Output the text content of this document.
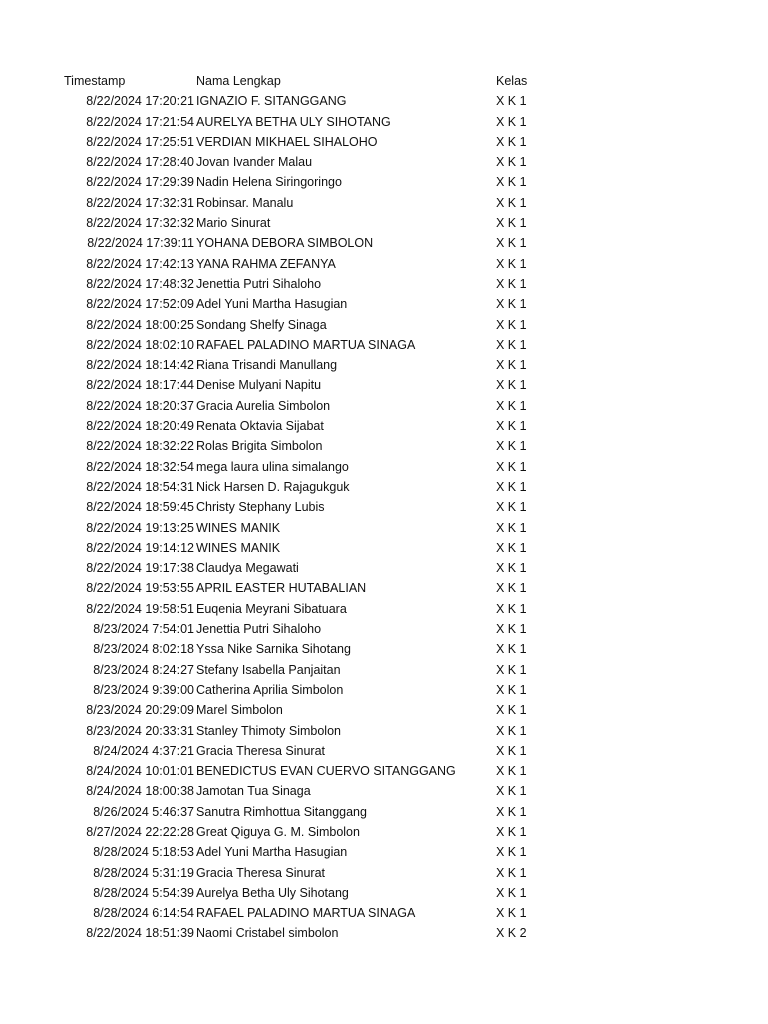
Timestamp	Nama Lengkap	Kelas
8/22/2024 17:20:21 IGNAZIO F. SITANGGANG	X K 1
8/22/2024 17:21:54 AURELYA BETHA ULY SIHOTANG	X K 1
8/22/2024 17:25:51 VERDIAN MIKHAEL SIHALOHO	X K 1
8/22/2024 17:28:40 Jovan Ivander Malau	X K 1
8/22/2024 17:29:39 Nadin Helena Siringoringo	X K 1
8/22/2024 17:32:31 Robinsar. Manalu	X K 1
8/22/2024 17:32:32 Mario Sinurat	X K 1
8/22/2024 17:39:11 YOHANA DEBORA SIMBOLON	X K 1
8/22/2024 17:42:13 YANA RAHMA ZEFANYA	X K 1
8/22/2024 17:48:32 Jenettia Putri Sihaloho	X K 1
8/22/2024 17:52:09 Adel Yuni Martha Hasugian	X K 1
8/22/2024 18:00:25 Sondang Shelfy Sinaga	X K 1
8/22/2024 18:02:10 RAFAEL PALADINO MARTUA SINAGA	X K 1
8/22/2024 18:14:42 Riana Trisandi Manullang	X K 1
8/22/2024 18:17:44 Denise Mulyani Napitu	X K 1
8/22/2024 18:20:37 Gracia Aurelia Simbolon	X K 1
8/22/2024 18:20:49 Renata Oktavia Sijabat	X K 1
8/22/2024 18:32:22 Rolas Brigita Simbolon	X K 1
8/22/2024 18:32:54 mega laura ulina simalango	X K 1
8/22/2024 18:54:31 Nick Harsen D. Rajagukguk	X K 1
8/22/2024 18:59:45 Christy Stephany Lubis	X K 1
8/22/2024 19:13:25 WINES MANIK	X K 1
8/22/2024 19:14:12 WINES MANIK	X K 1
8/22/2024 19:17:38 Claudya Megawati	X K 1
8/22/2024 19:53:55 APRIL EASTER HUTABALIAN	X K 1
8/22/2024 19:58:51 Euqenia Meyrani Sibatuara	X K 1
8/23/2024 7:54:01 Jenettia Putri Sihaloho	X K 1
8/23/2024 8:02:18 Yssa Nike Sarnika Sihotang	X K 1
8/23/2024 8:24:27 Stefany Isabella Panjaitan	X K 1
8/23/2024 9:39:00 Catherina Aprilia Simbolon	X K 1
8/23/2024 20:29:09 Marel Simbolon	X K 1
8/23/2024 20:33:31 Stanley Thimoty Simbolon	X K 1
8/24/2024 4:37:21 Gracia Theresa Sinurat	X K 1
8/24/2024 10:01:01 BENEDICTUS EVAN CUERVO SITANGGANG	X K 1
8/24/2024 18:00:38 Jamotan Tua Sinaga	X K 1
8/26/2024 5:46:37 Sanutra Rimhottua Sitanggang	X K 1
8/27/2024 22:22:28 Great Qiguya G. M. Simbolon	X K 1
8/28/2024 5:18:53 Adel Yuni Martha Hasugian	X K 1
8/28/2024 5:31:19 Gracia Theresa Sinurat	X K 1
8/28/2024 5:54:39 Aurelya Betha Uly Sihotang	X K 1
8/28/2024 6:14:54 RAFAEL PALADINO MARTUA SINAGA	X K 1
8/22/2024 18:51:39 Naomi Cristabel simbolon	X K 2
